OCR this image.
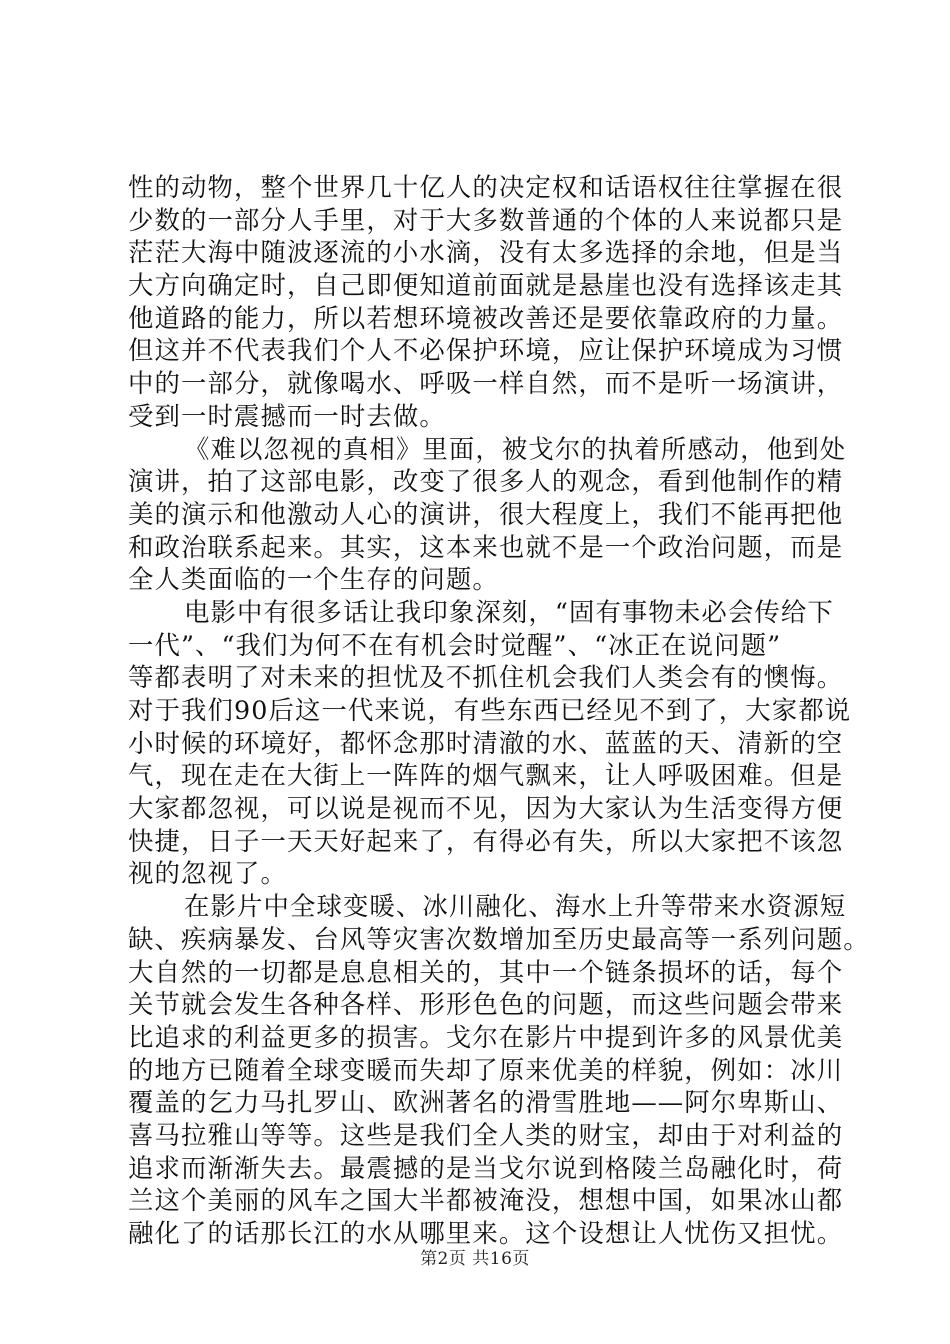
性的动物，整个世界几十亿人的决定权和话语权往往掌握在很
少数的一部分人手里，对于大多数普通的个体的人来说都只是
茫茫大海中随波逐流的小水滴，没有太多选择的余地，但是当
大方向确定时，自己即便知道前面就是悬崖也没有选择该走其
他道路的能力，所以若想环境被改善还是要依靠政府的力量。
但这并不代表我们个人不必保护环境，应让保护环境成为习惯
中的一部分，就像喝水、呼吸一样自然，而不是听一场演讲，
受到一时震撼而一时去做。
《难以忽视的真相》里面，被戈尔的执着所感动，他到处
演讲，拍了这部电影，改变了很多人的观念，看到他制作的精
美的演示和他激动人心的演讲，很大程度上，我们不能再把他
和政治联系起来。其实，这本来也就不是一个政治问题，而是
全人类面临的一个生存的问题。
电影中有很多话让我印象深刻，“固有事物未必会传给下
一代”、“我们为何不在有机会时觉醒”、“冰正在说问题”
等都表明了对未来的担忧及不抓住机会我们人类会有的懊悔。
对于我们90后这一代来说，有些东西已经见不到了，大家都说
小时候的环境好，都怀念那时清澈的水、蓝蓝的天、清新的空
气，现在走在大街上一阵阵的烟气飘来，让人呼吸困难。但是
大家都忽视，可以说是视而不见，因为大家认为生活变得方便
快捷，日子一天天好起来了，有得必有失，所以大家把不该忽
视的忽视了。
在影片中全球变暖、冰川融化、海水上升等带来水资源短
缺、疾病暴发、台风等灾害次数增加至历史最高等一系列问题。
大自然的一切都是息息相关的，其中一个链条损坏的话，每个
关节就会发生各种各样、形形色色的问题，而这些问题会带来
比追求的利益更多的损害。戈尔在影片中提到许多的风景优美
的地方已随着全球变暖而失却了原来优美的样貌，例如：冰川
覆盖的乞力马扎罗山、欧洲著名的滑雪胜地——阿尔卑斯山、
喜马拉雅山等等。这些是我们全人类的财宝，却由于对利益的
追求而渐渐失去。最震撼的是当戈尔说到格陵兰岛融化时，荷
兰这个美丽的风车之国大半都被淹没，想想中国，如果冰山都
融化了的话那长江的水从哪里来。这个设想让人忧伤又担忧。
第2页 共16页
